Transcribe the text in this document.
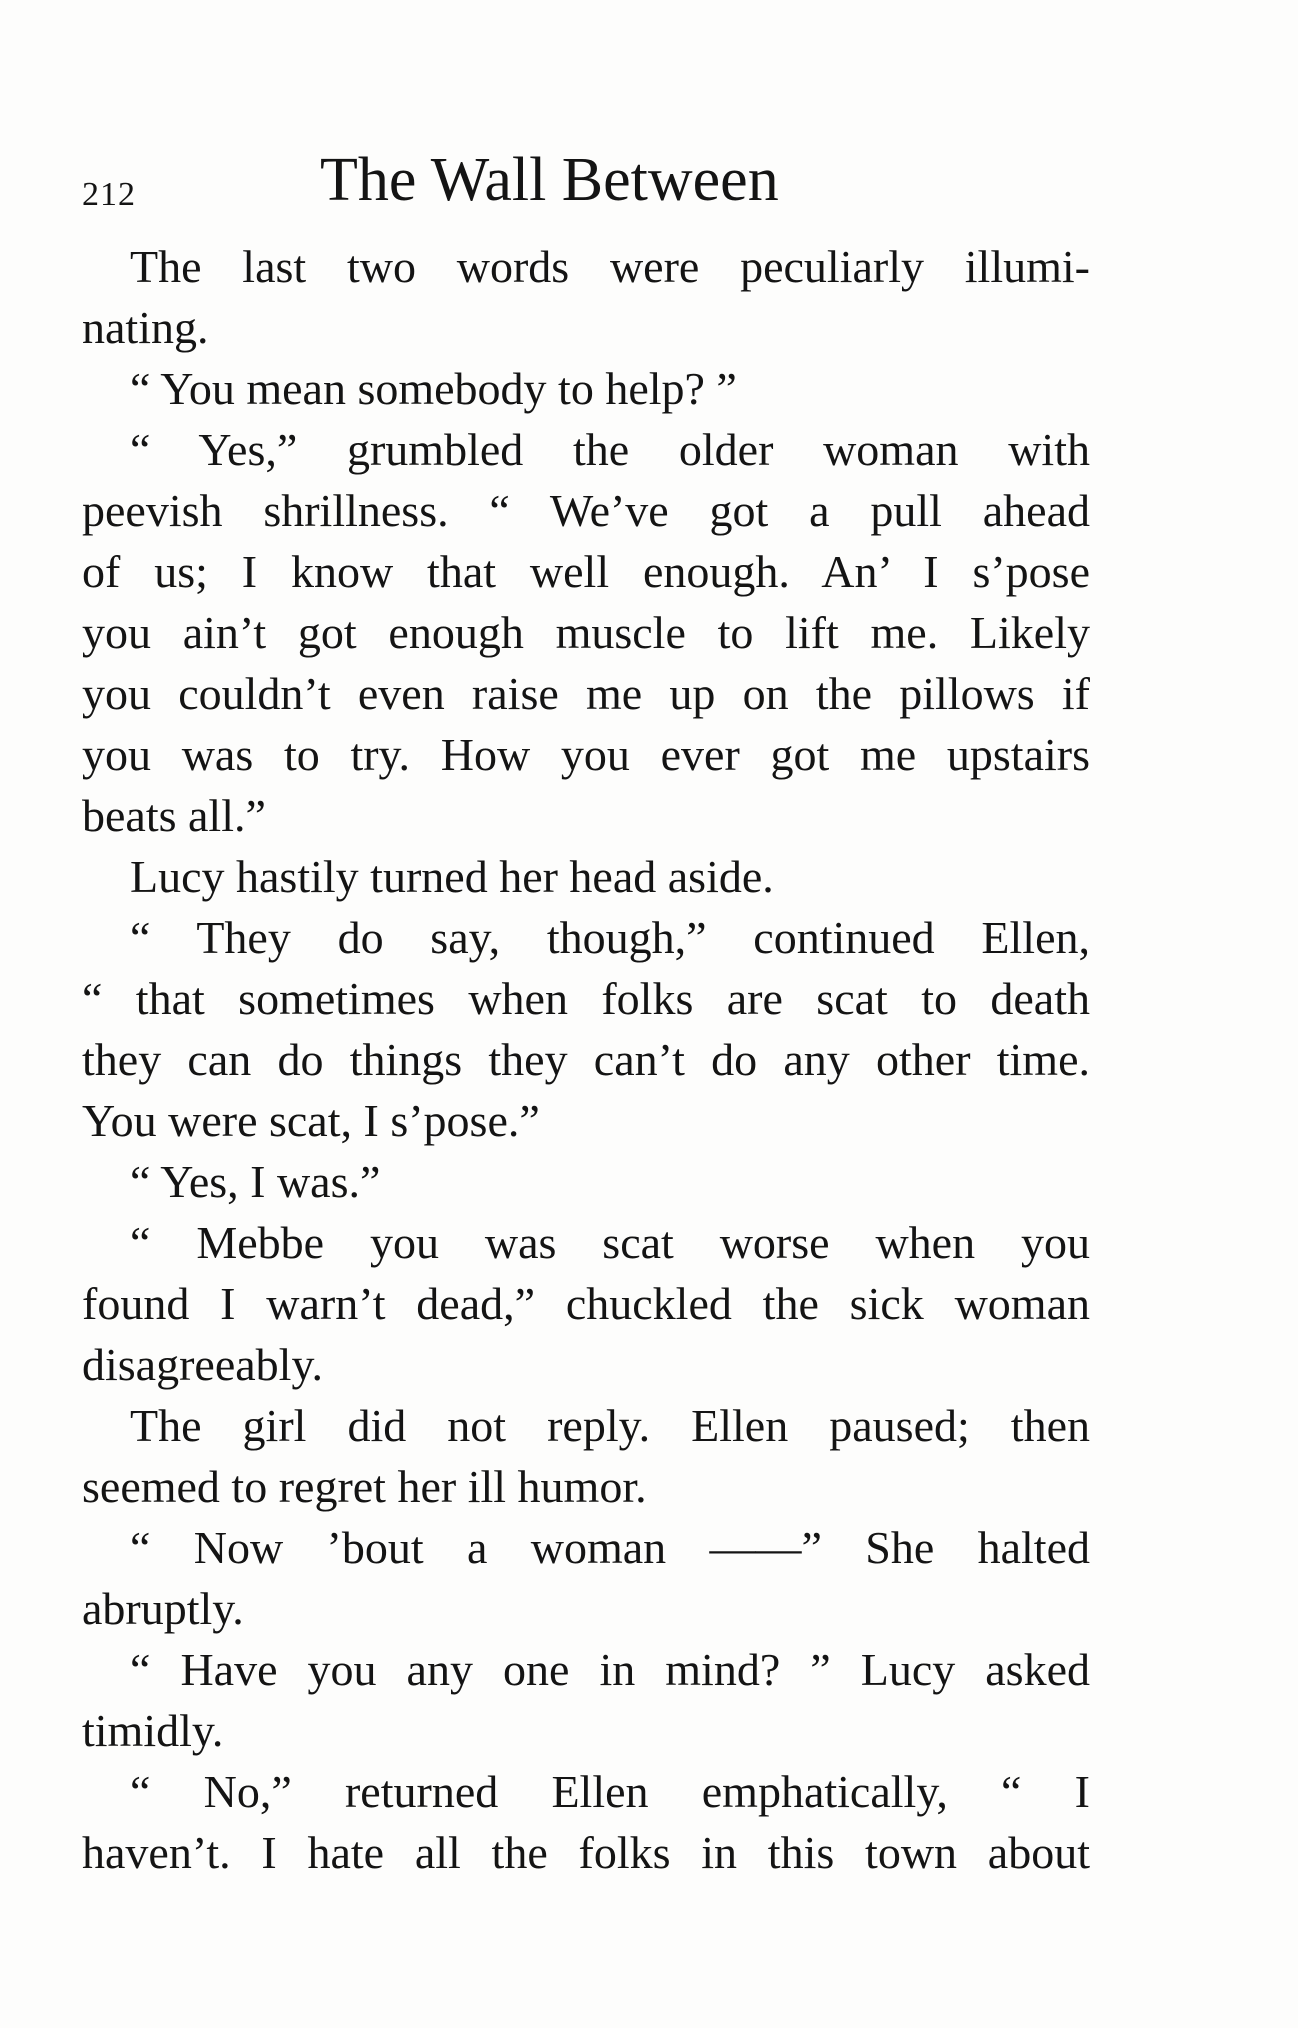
212	The Wall Between
The last two words were peculiarly illumi-
nating.
“ You mean somebody to help? ”
“ Yes,” grumbled the older woman with
peevish shrillness. “ We’ve got a pull ahead
of us; I know that well enough. An’ I s’pose
you ain’t got enough muscle to lift me. Likely
you couldn’t even raise me up on the pillows if
you was to try. How you ever got me upstairs
beats all.”
Lucy hastily turned her head aside.
“ They do say, though,” continued Ellen,
“ that sometimes when folks are scat to death
they can do things they can’t do any other time.
You were scat, I s’pose.”
“ Yes, I was.”
“ Mebbe you was scat worse when you
found I warn’t dead,” chuckled the sick woman
disagreeably.
The girl did not reply. Ellen paused; then
seemed to regret her ill humor.
“ Now ’bout a woman ——” She halted
abruptly.
“ Have you any one in mind? ” Lucy asked
timidly.
“ No,” returned Ellen emphatically, “ I
haven’t. I hate all the folks in this town about
